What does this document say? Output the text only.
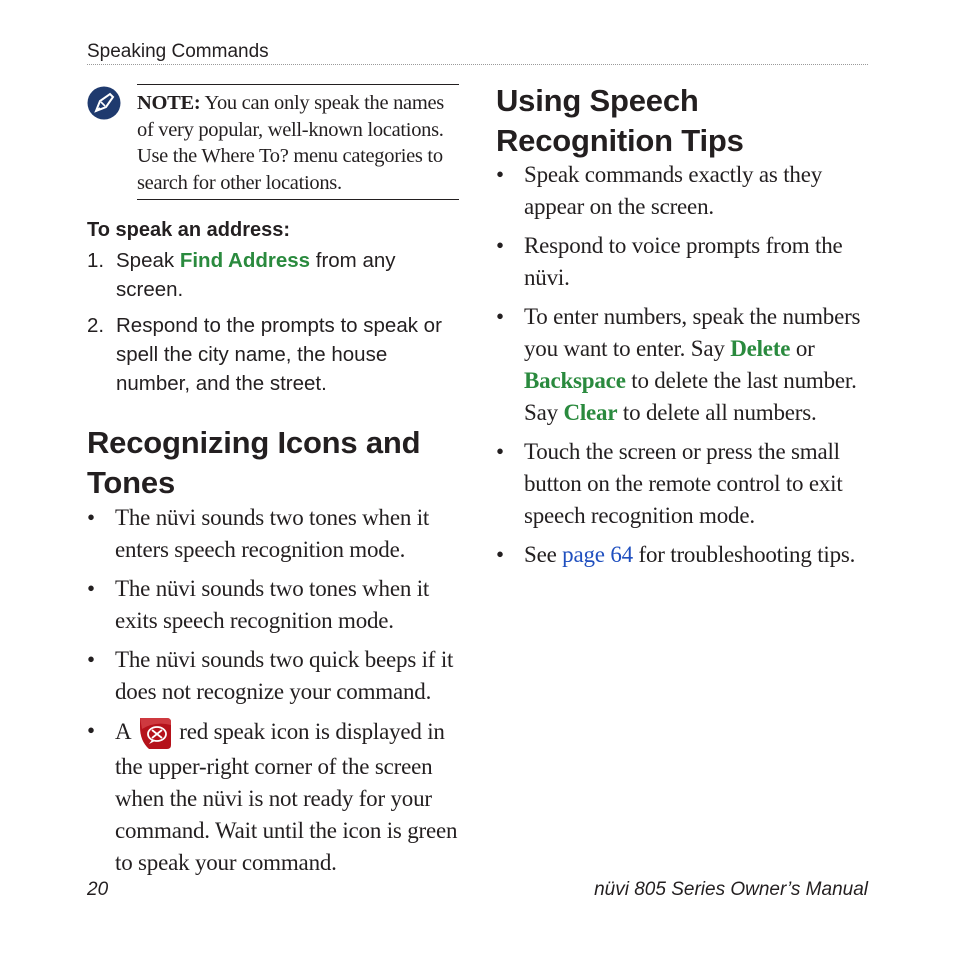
Speaking Commands
NOTE: You can only speak the names of very popular, well-known locations. Use the Where To? menu categories to search for other locations.
To speak an address:
1. Speak Find Address from any screen.
2. Respond to the prompts to speak or spell the city name, the house number, and the street.
Recognizing Icons and Tones
• The nüvi sounds two tones when it enters speech recognition mode.
• The nüvi sounds two tones when it exits speech recognition mode.
• The nüvi sounds two quick beeps if it does not recognize your command.
• A  red speak icon is displayed in the upper-right corner of the screen when the nüvi is not ready for your command. Wait until the icon is green to speak your command.
Using Speech Recognition Tips
• Speak commands exactly as they appear on the screen.
• Respond to voice prompts from the nüvi.
• To enter numbers, speak the numbers you want to enter. Say Delete or Backspace to delete the last number. Say Clear to delete all numbers.
• Touch the screen or press the small button on the remote control to exit speech recognition mode.
• See page 64 for troubleshooting tips.
20	nüvi 805 Series Owner’s Manual
